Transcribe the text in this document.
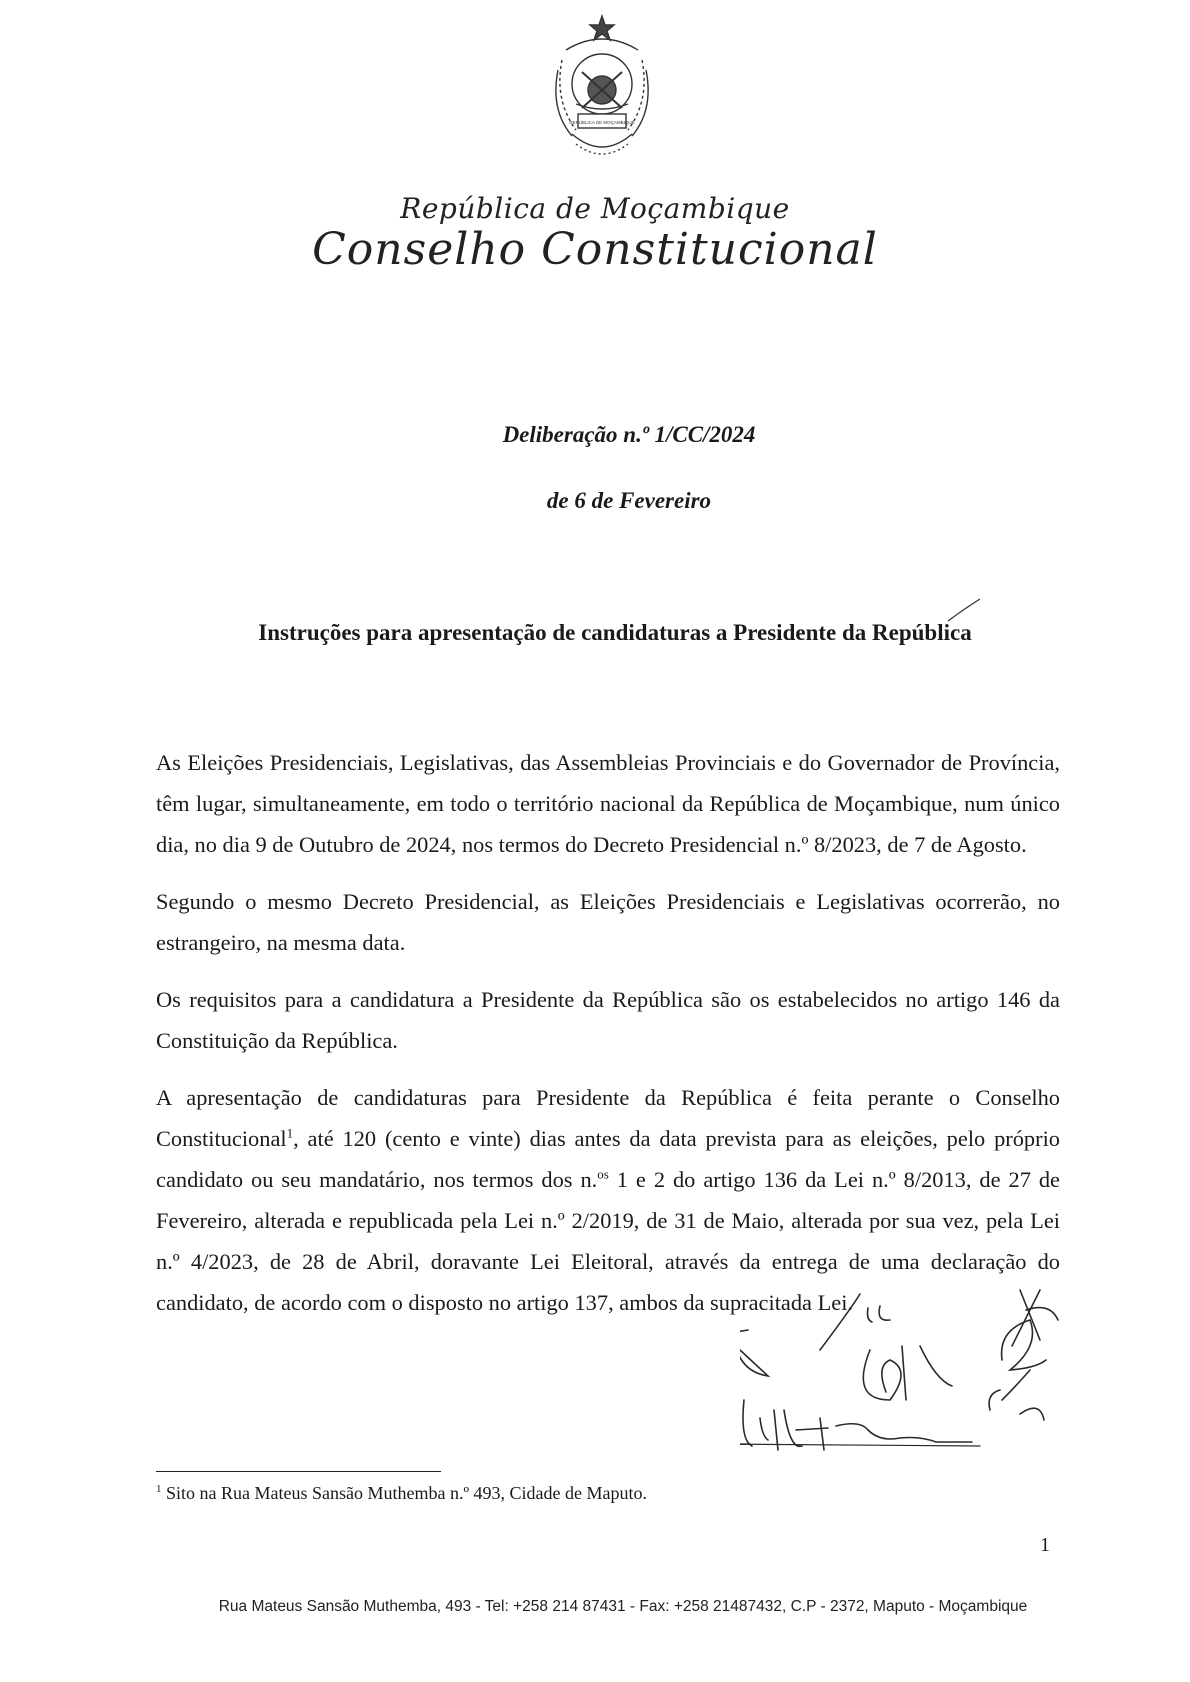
REPÚBLICA DE MOÇAMBIQUE
República de Moçambique
Conselho Constitucional
Deliberação n.º 1/CC/2024
de 6 de Fevereiro
Instruções para apresentação de candidaturas a Presidente da República

As Eleições Presidenciais, Legislativas, das Assembleias Provinciais e do Governador de Província, têm lugar, simultaneamente, em todo o território nacional da República de Moçambique, num único dia, no dia 9 de Outubro de 2024, nos termos do Decreto Presidencial n.º 8/2023, de 7 de Agosto.

Segundo o mesmo Decreto Presidencial, as Eleições Presidenciais e Legislativas ocorrerão, no estrangeiro, na mesma data.

Os requisitos para a candidatura a Presidente da República são os estabelecidos no artigo 146 da Constituição da República.

A apresentação de candidaturas para Presidente da República é feita perante o Conselho Constitucional$^1$, até 120 (cento e vinte) dias antes da data prevista para as eleições, pelo próprio candidato ou seu mandatário, nos termos dos n.$^{os}$ 1 e 2 do artigo 136 da Lei n.º 8/2013, de 27 de Fevereiro, alterada e republicada pela Lei n.º 2/2019, de 31 de Maio, alterada por sua vez, pela Lei n.º 4/2023, de 28 de Abril, doravante Lei Eleitoral, através da entrega de uma declaração do candidato, de acordo com o disposto no artigo 137, ambos da supracitada Lei.

$^1$ Sito na Rua Mateus Sansão Muthemba n.º 493, Cidade de Maputo.
1
Rua Mateus Sansão Muthemba, 493 - Tel: +258 214 87431 - Fax: +258 21487432, C.P - 2372, Maputo - Moçambique
